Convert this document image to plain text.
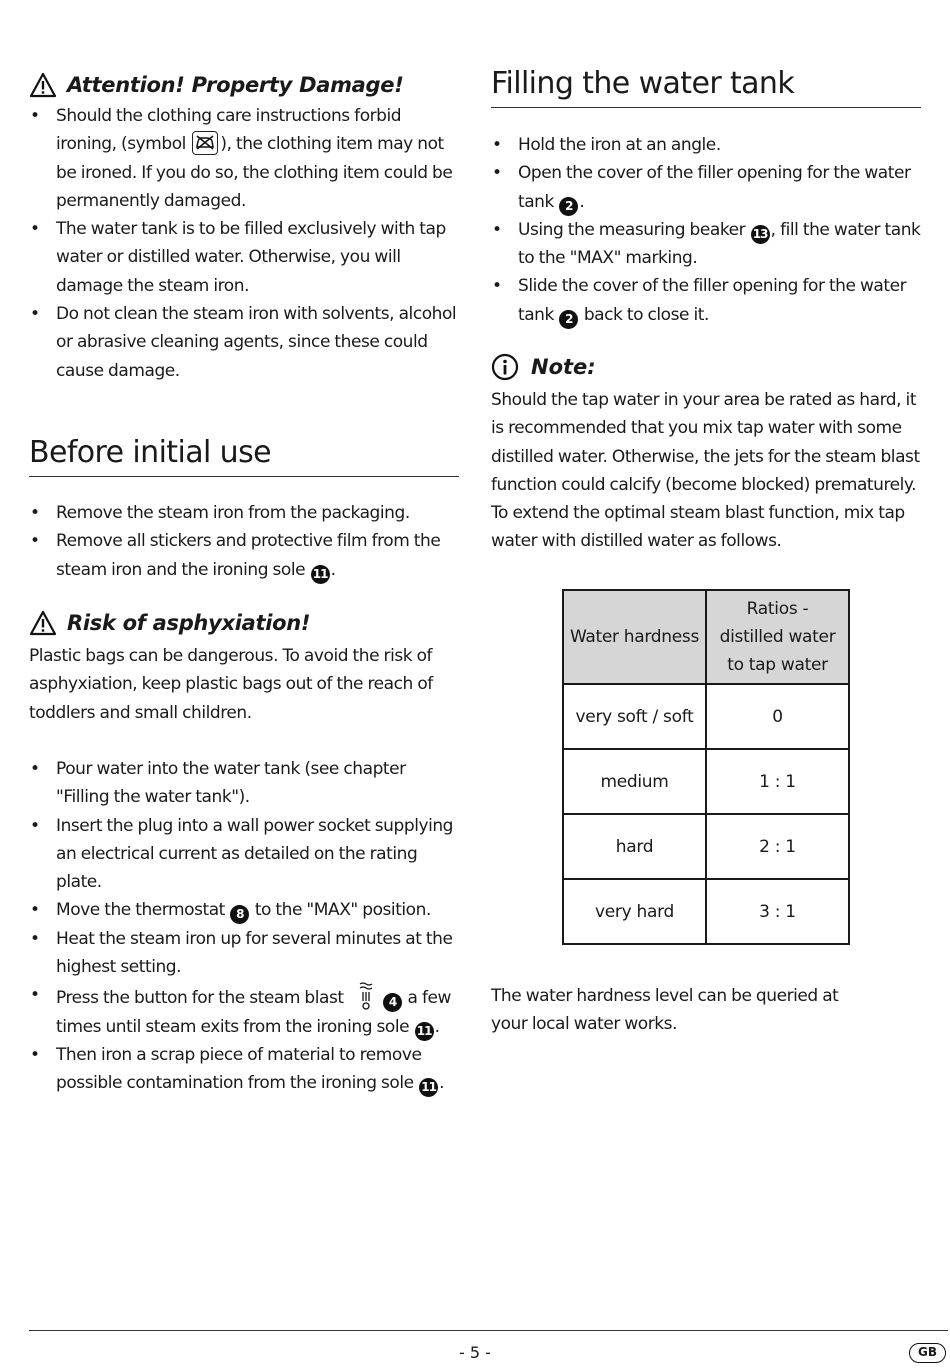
Attention! Property Damage!
• Should the clothing care instructions forbid ironing, (symbol
), the clothing item may not be ironed. If you do so, the clothing item could be permanently damaged.
• The water tank is to be filled exclusively with tap water or distilled water. Otherwise, you will damage the steam iron.
• Do not clean the steam iron with solvents, alcohol or abrasive cleaning agents, since these could cause damage.
Before initial use
• Remove the steam iron from the packaging.
• Remove all stickers and protective film from the steam iron and the ironing sole 11 .
Risk of asphyxiation!

Plastic bags can be dangerous. To avoid the risk of asphyxiation, keep plastic bags out of the reach of toddlers and small children.

• Pour water into the water tank (see chapter "Filling the water tank").
• Insert the plug into a wall power socket supplying an electrical current as detailed on the rating plate.
• Move the thermostat 8 to the "MAX" position.
• Heat the steam iron up for several minutes at the highest setting.
• Press the button for the steam blast	4 a few times until steam exits from the ironing sole 11 .
• Then iron a scrap piece of material to remove possible contamination from the ironing sole 11 .
Filling the water tank
• Hold the iron at an angle.
• Open the cover of the filler opening for the water tank 2 .
• Using the measuring beaker 13 , fill the water tank to the "MAX" marking.
• Slide the cover of the filler opening for the water tank 2 back to close it.
Note:

Should the tap water in your area be rated as hard, it is recommended that you mix tap water with some distilled water. Otherwise, the jets for the steam blast function could calcify (become blocked) prematurely.

To extend the optimal steam blast function, mix tap water with distilled water as follows.

Water hardness	Ratios - distilled water to tap water

very soft / soft	0
medium	1 : 1
hard	2 : 1
very hard	3 : 1

The water hardness level can be queried at your local water works.

- 5 -	GB
